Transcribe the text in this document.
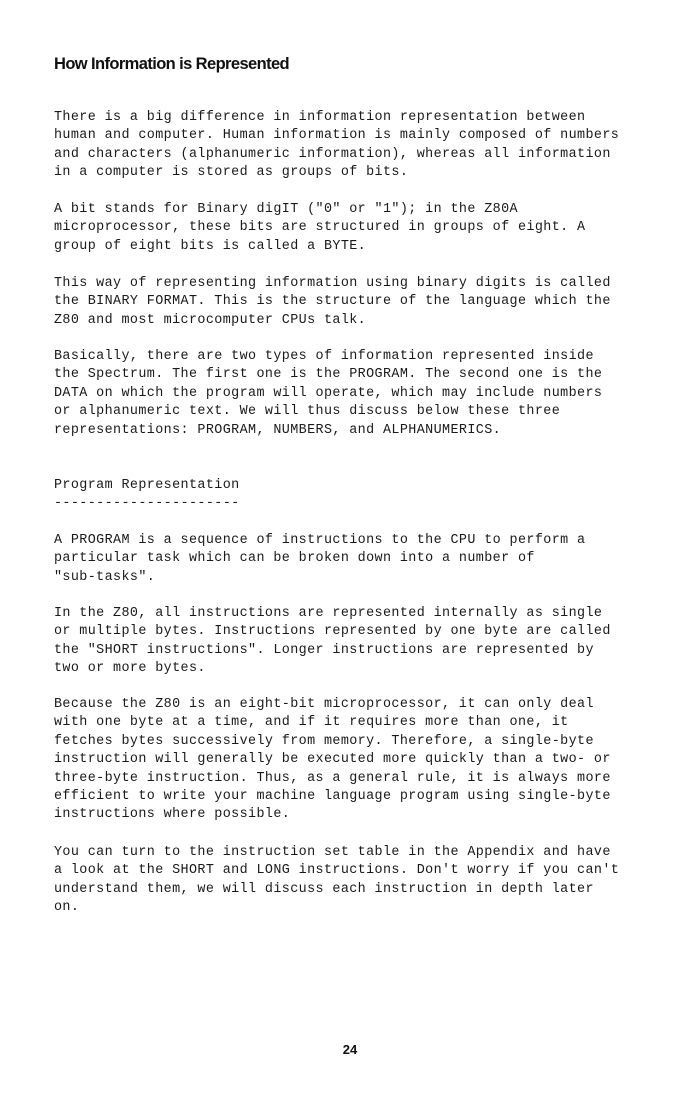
How Information is Represented

There is a big difference in information representation between
human and computer. Human information is mainly composed of numbers
and characters (alphanumeric information), whereas all information
in a computer is stored as groups of bits.

A bit stands for Binary digIT ("0" or "1"); in the Z80A
microprocessor, these bits are structured in groups of eight. A
group of eight bits is called a BYTE.

This way of representing information using binary digits is called
the BINARY FORMAT. This is the structure of the language which the
Z80 and most microcomputer CPUs talk.

Basically, there are two types of information represented inside
the Spectrum. The first one is the PROGRAM. The second one is the
DATA on which the program will operate, which may include numbers
or alphanumeric text. We will thus discuss below these three
representations: PROGRAM, NUMBERS, and ALPHANUMERICS.

Program Representation

----------------------

A PROGRAM is a sequence of instructions to the CPU to perform a
particular task which can be broken down into a number of
"sub-tasks".

In the Z80, all instructions are represented internally as single
or multiple bytes. Instructions represented by one byte are called
the "SHORT instructions". Longer instructions are represented by
two or more bytes.

Because the Z80 is an eight-bit microprocessor, it can only deal
with one byte at a time, and if it requires more than one, it
fetches bytes successively from memory. Therefore, a single-byte
instruction will generally be executed more quickly than a two- or
three-byte instruction. Thus, as a general rule, it is always more
efficient to write your machine language program using single-byte
instructions where possible.

You can turn to the instruction set table in the Appendix and have
a look at the SHORT and LONG instructions. Don't worry if you can't
understand them, we will discuss each instruction in depth later
on.

24
